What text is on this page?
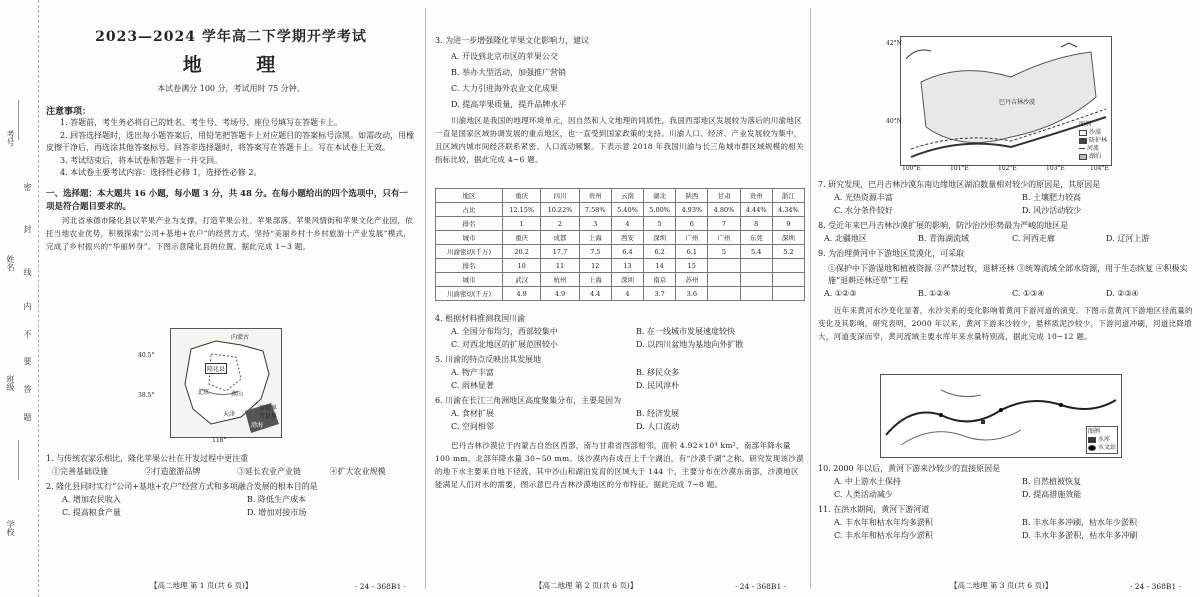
考号
姓名
班级
学校
密
封
线
内
不
要
答
题
2023—2024 学年高二下学期开学考试
地 理
本试卷满分 100 分，考试用时 75 分钟。
注意事项：
1. 答题前，考生务必将自己的姓名、考生号、考场号、座位号填写在答题卡上。
2. 回答选择题时，选出每小题答案后，用铅笔把答题卡上对应题目的答案标号涂黑。如需改动，用橡皮擦干净后，再选涂其他答案标号。回答非选择题时，将答案写在答题卡上。写在本试卷上无效。
3. 考试结束后，将本试卷和答题卡一并交回。
4. 本试卷主要考试内容：选择性必修 1，选择性必修 2。
一、选择题：本大题共 16 小题，每小题 3 分，共 48 分。在每小题给出的四个选项中，只有一项是符合题目要求的。
河北省承德市隆化县以苹果产业为支撑，打造苹果公社、苹果部落、苹果风情街和苹果文化产业园，依托当地农业优势，积极探索“公司+基地+农户”的经营方式，坚持“美丽乡村十乡村旅游十产业发展”模式，完成了乡村振兴的“华丽转身”。下图示意隆化县的位置。据此完成 1~3 题。
内蒙古
隆化县
北京
天津
燕山
渤海
省级界
市县界
40.5°
38.5°
118°
1. 与传统农家乐相比，隆化苹果公社在开发过程中更注重
①完善基础设施	②打造旅游品牌	③延长农业产业链	④扩大农业规模
2. 隆化县同时实行“公司+基地+农户”经营方式和多项融合发展的根本目的是
A. 增加农民收入	B. 降低生产成本
C. 提高粮食产量	D. 增加对接市场
【高二地理 第 1 页(共 6 页)】	· 24 - 368B1 ·
3. 为进一步增强隆化苹果文化影响力，建议
A. 开设到北京市区的苹果公交
B. 举办大型活动，加强推广营销
C. 大力引进海外农业文化成果
D. 提高苹果质量，提升品牌水平
川渝地区是我国的地理环境单元，因自然和人文地理的同质性，我国西部地区发展较为落后的川渝地区一直是国家区域协调发展的重点地区，也一直受到国家政策的支持。川渝人口、经济、产业发展较为集中，且区域内城市间经济联系紧密、人口流动频繁。下表示意 2018 年我国川渝与长三角城市群区域规模的相关指标比较，据此完成 4~6 题。
地区	重庆	四川	贵州	云南	湖北	陕西	甘肃	贵州	浙江
占比	12.15%	10.22%	7.58%	5.40%	5.00%	4.93%	4.80%	4.44%	4.34%
排名	1	2	3	4	5	6	7	8	9
城市	重庆	成都	上海	西安	深圳	广州	广州	东莞	深圳
川渝密切(千万)	20.2	17.7	7.5	6.4	6.2	6.1	5	5.4	5.2
排名	10	11	12	13	14	15			
城市	武汉	杭州	上海	深圳	南京	苏州			
川渝密切(千万)	4.9	4.9	4.4	4	3.7	3.6			
4. 根据材料推测我国川渝
A. 全国分布均匀，西部较集中	B. 在一线城市发展速度较快
C. 对西北地区的扩展范围较小	D. 以四川盆地为基地向外扩散
5. 川渝的特点反映出其发展地
A. 物产丰富	B. 移民众多
C. 雨林显著	D. 民风淳朴
6. 川渝在长江三角洲地区高度聚集分布，主要是因为
A. 食材扩展	B. 经济发展
C. 空间相邻	D. 人口流动
巴丹吉林沙漠位于内蒙古自治区西部，南与甘肃省西部相邻，面积 4.92×10⁴ km²，南部年降水量 100 mm，北部年降水量 30~50 mm。该沙漠内有成百上千个湖泊，有“沙漠千湖”之称。研究发现该沙漠的地下水主要来自地下径流，其中沙山和湖泊发育的区域大于 144 个，主要分布在沙漠东南部，沙漠地区能满足人们对水的需要，图示意巴丹吉林沙漠地区的分布特征。据此完成 7~8 题。
【高二地理 第 2 页(共 6 页)】	· 24 - 368B1 ·
巴丹吉林沙漠
图例
沙漠
防护林
河流
湖泊
42°N
40°N
100°E	101°E	102°E	103°E	104°E
7. 研究发现，巴丹吉林沙漠东南边缘地区湖泊数量相对较少的原因是，其原因是
A. 光热资源丰富	B. 土壤肥力较高
C. 水分条件较好	D. 风沙活动较少
8. 受近年来巴丹吉林沙漠扩展的影响，防沙治沙形势最为严峻的地区是
A. 北疆地区	B. 青海湖流域	C. 河西走廊	D. 辽河上游
9. 为治理黄河中下游地区荒漠化，可采取
①保护中下游湿地和植被资源 ②严禁过牧，退耕还林 ③统筹流域全部水资源，用于生态恢复 ④积极实施“退耕还林还草”工程
A. ①②③	B. ①②④	C. ①③④	D. ②③④
近年来黄河水沙变化显著，水沙关系的变化影响着黄河下游河道的演变。下图示意黄河下游地区径流量的变化及其影响，研究表明，2000 年以来，黄河下游来沙较少，悬移质泥沙较少，下游河道冲刷，河道比降增大，河道变深而窄，黄河流域主要水库年来水量特别高，据此完成 10~12 题。
图例
水库
水文站
10. 2000 年以后，黄河下游来沙较少的直接原因是
A. 中上游水土保持	B. 自然植被恢复
C. 人类活动减少	D. 提高措施效能
11. 在洪水期间，黄河下游河道
A. 丰水年和枯水年均多淤积	B. 丰水年多冲刷，枯水年少淤积
C. 丰水年和枯水年均少淤积	D. 丰水年多淤积，枯水年多冲刷
【高二地理 第 3 页(共 6 页)】	· 24 - 368B1 ·
